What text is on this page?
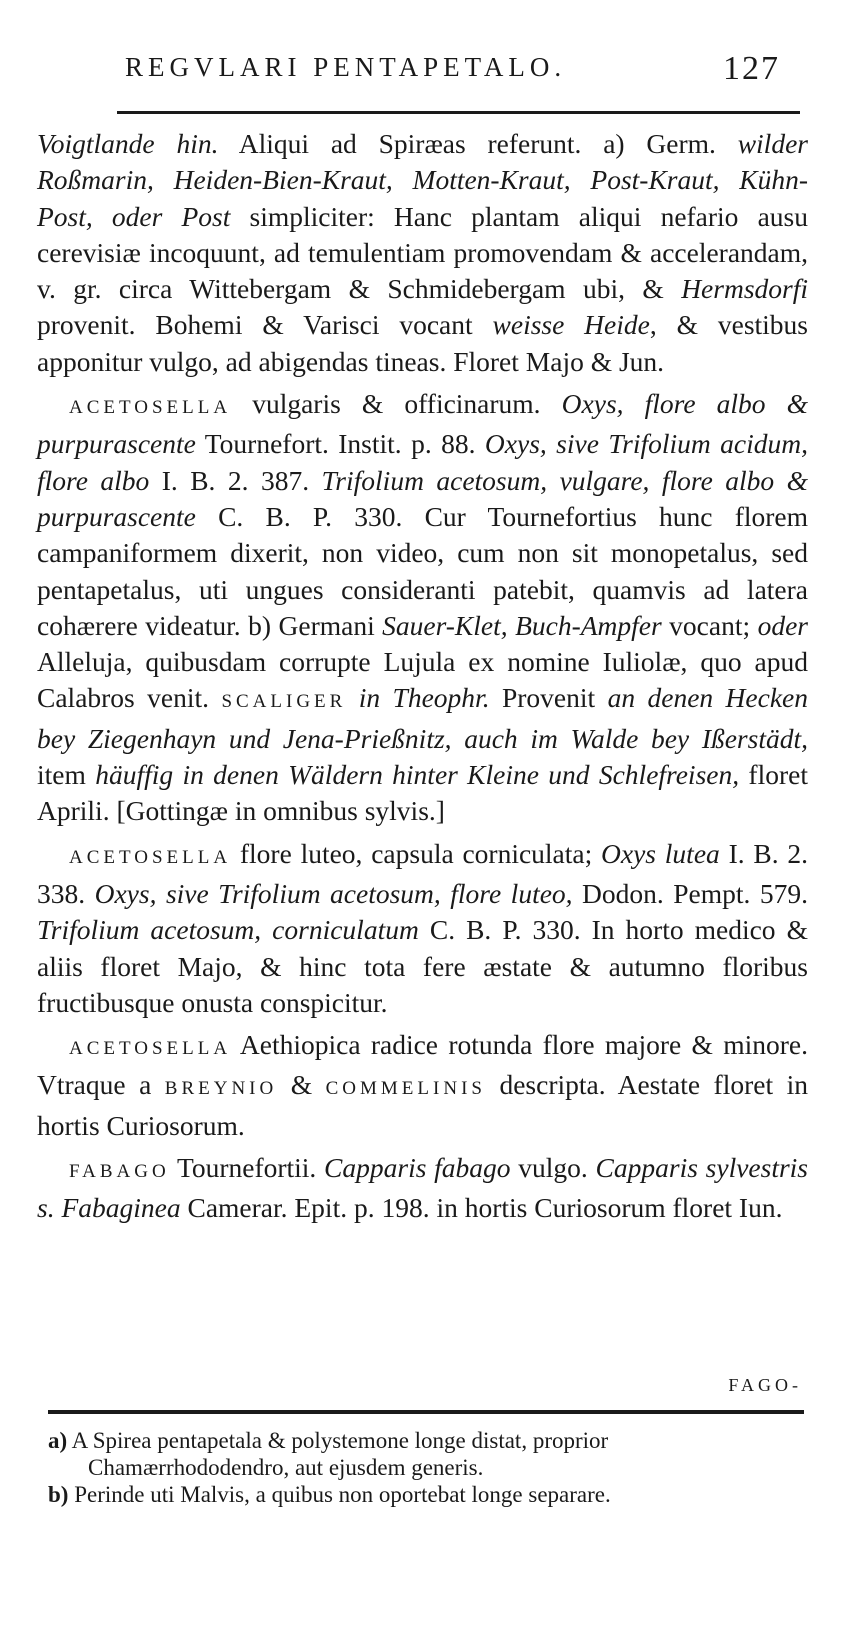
REGVLARI PENTAPETALO.	127

Voigtlande hin. Aliqui ad Spiræas referunt. a) Germ. wilder Roßmarin, Heiden-Bien-Kraut, Motten-Kraut, Post-Kraut, Kühn-Post, oder Post simpliciter: Hanc plantam aliqui nefario ausu cerevisiæ incoquunt, ad temulentiam promovendam & accelerandam, v. gr. circa Wittebergam & Schmidebergam ubi, & Hermsdorfi provenit. Bohemi & Varisci vocant weisse Heide, & vestibus apponitur vulgo, ad abigendas tineas. Floret Majo & Jun.

ACETOSELLA vulgaris & officinarum. Oxys, flore albo & purpurascente Tournefort. Instit. p. 88. Oxys, sive Trifolium acidum, flore albo I. B. 2. 387. Trifolium acetosum, vulgare, flore albo & purpurascente C. B. P. 330. Cur Tournefortius hunc florem campaniformem dixerit, non video, cum non sit monopetalus, sed pentapetalus, uti ungues consideranti patebit, quamvis ad latera cohærere videatur. b) Germani Sauer-Klet, Buch-Ampfer vocant; oder Alleluja, quibusdam corrupte Lujula ex nomine Iuliolæ, quo apud Calabros venit. SCALIGER in Theophr. Provenit an denen Hecken bey Ziegenhayn und Jena-Prießnitz, auch im Walde bey Ißerstädt, item häuffig in denen Wäldern hinter Kleine und Schlefreisen, floret Aprili. [Gottingæ in omnibus sylvis.]

ACETOSELLA flore luteo, capsula corniculata; Oxys lutea I. B. 2. 338. Oxys, sive Trifolium acetosum, flore luteo, Dodon. Pempt. 579. Trifolium acetosum, corniculatum C. B. P. 330. In horto medico & aliis floret Majo, & hinc tota fere æstate & autumno floribus fructibusque onusta conspicitur.

ACETOSELLA Aethiopica radice rotunda flore majore & minore. Vtraque a BREYNIO & COMMELINIS descripta. Aestate floret in hortis Curiosorum.

FABAGO Tournefortii. Capparis fabago vulgo. Capparis sylvestris s. Fabaginea Camerar. Epit. p. 198. in hortis Curiosorum floret Iun.

FAGO-

a) A Spirea pentapetala & polystemone longe distat, proprior

Chamærrhododendro, aut ejusdem generis.

b) Perinde uti Malvis, a quibus non oportebat longe separare.
